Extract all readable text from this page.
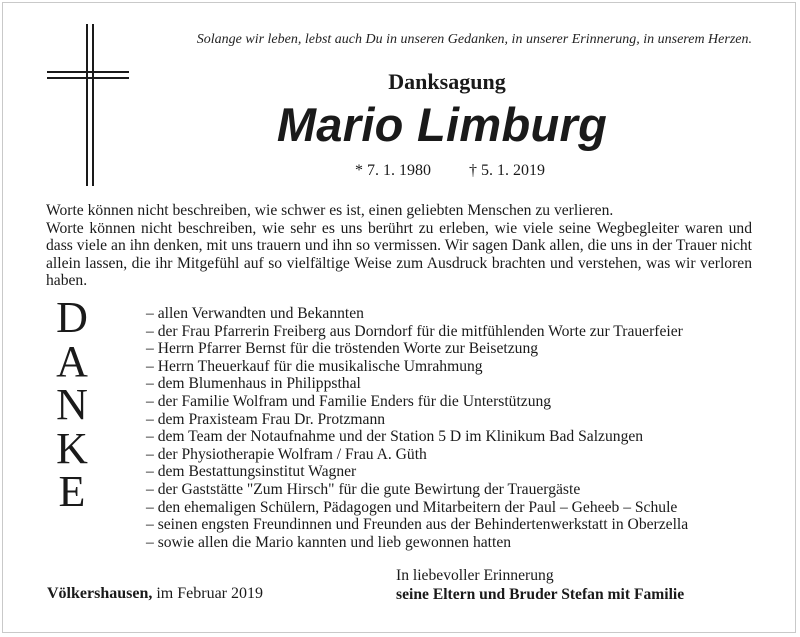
Solange wir leben, lebst auch Du in unseren Gedanken, in unserer Erinnerung, in unserem Herzen.
Danksagung
Mario Limburg
* 7. 1. 1980 † 5. 1. 2019

Worte können nicht beschreiben, wie schwer es ist, einen geliebten Menschen zu verlieren.

Worte können nicht beschreiben, wie sehr es uns berührt zu erleben, wie viele seine Wegbegleiter waren und dass viele an ihn denken, mit uns trauern und ihn so vermissen. Wir sagen Dank allen, die uns in der Trauer nicht allein lassen, die ihr Mitgefühl auf so vielfältige Weise zum Ausdruck brachten und verstehen, was wir verloren haben.

D
A
N
K
E
– allen Verwandten und Bekannten
– der Frau Pfarrerin Freiberg aus Dorndorf für die mitfühlenden Worte zur Trauerfeier
– Herrn Pfarrer Bernst für die tröstenden Worte zur Beisetzung
– Herrn Theuerkauf für die musikalische Umrahmung
– dem Blumenhaus in Philippsthal
– der Familie Wolfram und Familie Enders für die Unterstützung
– dem Praxisteam Frau Dr. Protzmann
– dem Team der Notaufnahme und der Station 5 D im Klinikum Bad Salzungen
– der Physiotherapie Wolfram / Frau A. Güth
– dem Bestattungsinstitut Wagner
– der Gaststätte "Zum Hirsch" für die gute Bewirtung der Trauergäste
– den ehemaligen Schülern, Pädagogen und Mitarbeitern der Paul – Geheeb – Schule
– seinen engsten Freundinnen und Freunden aus der Behindertenwerkstatt in Oberzella
– sowie allen die Mario kannten und lieb gewonnen hatten
Völkershausen, im Februar 2019
In liebevoller Erinnerung
seine Eltern und Bruder Stefan mit Familie
